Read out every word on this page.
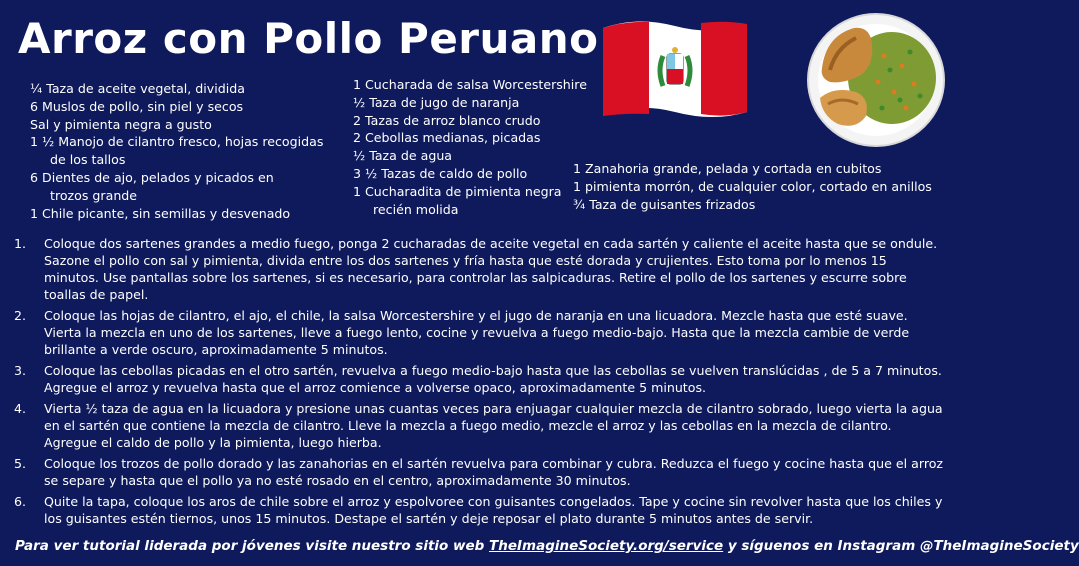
Arroz con Pollo Peruano
¼ Taza de aceite vegetal, dividida
6 Muslos de pollo, sin piel y secos
Sal y pimienta negra a gusto
1 ½ Manojo de cilantro fresco, hojas recogidas
de los tallos
6 Dientes de ajo, pelados y picados en
trozos grande
1 Chile picante, sin semillas y desvenado
1 Cucharada de salsa Worcestershire
½ Taza de jugo de naranja
2 Tazas de arroz blanco crudo
2 Cebollas medianas, picadas
½ Taza de agua
3 ½ Tazas de caldo de pollo
1 Cucharadita de pimienta negra
recién molida
1 Zanahoria grande, pelada y cortada en cubitos
1 pimienta morrón, de cualquier color, cortado en anillos
¾ Taza de guisantes frizados
1. Coloque dos sartenes grandes a medio fuego, ponga 2 cucharadas de aceite vegetal en cada sartén y caliente el aceite hasta que se ondule. Sazone el pollo con sal y pimienta, divida entre los dos sartenes y fría hasta que esté dorada y crujientes. Esto toma por lo menos 15 minutos. Use pantallas sobre los sartenes, si es necesario, para controlar las salpicaduras. Retire el pollo de los sartenes y escurre sobre toallas de papel.
2. Coloque las hojas de cilantro, el ajo, el chile, la salsa Worcestershire y el jugo de naranja en una licuadora. Mezcle hasta que esté suave. Vierta la mezcla en uno de los sartenes, lleve a fuego lento, cocine y revuelva a fuego medio-bajo. Hasta que la mezcla cambie de verde brillante a verde oscuro, aproximadamente 5 minutos.
3. Coloque las cebollas picadas en el otro sartén, revuelva a fuego medio-bajo hasta que las cebollas se vuelven translúcidas , de 5 a 7 minutos. Agregue el arroz y revuelva hasta que el arroz comience a volverse opaco, aproximadamente 5 minutos.
4. Vierta ½ taza de agua en la licuadora y presione unas cuantas veces para enjuagar cualquier mezcla de cilantro sobrado, luego vierta la agua en el sartén que contiene la mezcla de cilantro. Lleve la mezcla a fuego medio, mezcle el arroz y las cebollas en la mezcla de cilantro. Agregue el caldo de pollo y la pimienta, luego hierba.
5. Coloque los trozos de pollo dorado y las zanahorias en el sartén revuelva para combinar y cubra. Reduzca el fuego y cocine hasta que el arroz se separe y hasta que el pollo ya no esté rosado en el centro, aproximadamente 30 minutos.
6. Quite la tapa, coloque los aros de chile sobre el arroz y espolvoree con guisantes congelados. Tape y cocine sin revolver hasta que los chiles y los guisantes estén tiernos, unos 15 minutos. Destape el sartén y deje reposar el plato durante 5 minutos antes de servir.
Para ver tutorial liderada por jóvenes visite nuestro sitio web TheImagineSociety.org/service y síguenos en Instagram @TheImagineSociety
